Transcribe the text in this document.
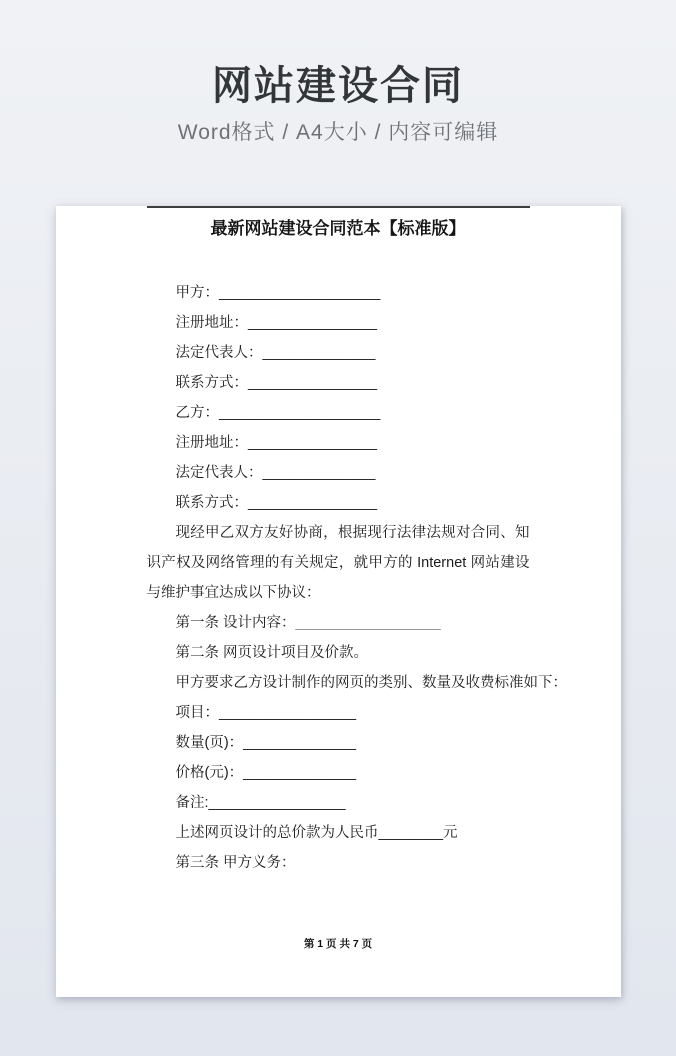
网站建设合同

Word格式 / A4大小 / 内容可编辑

最新网站建设合同范本【标准版】
甲方：____________________
注册地址：________________
法定代表人：______________
联系方式：________________
乙方：____________________
注册地址：________________
法定代表人：______________
联系方式：________________

现经甲乙双方友好协商，根据现行法律法规对合同、知识产权及网络管理的有关规定，就甲方的 Internet 网站建设与维护事宜达成以下协议：

第一条 设计内容：__________________
第二条 网页设计项目及价款。
甲方要求乙方设计制作的网页的类别、数量及收费标准如下：
项目：_________________
数量(页)：______________
价格(元)：______________
备注:_________________
上述网页设计的总价款为人民币________元
第三条 甲方义务：
第 1 页 共 7 页
